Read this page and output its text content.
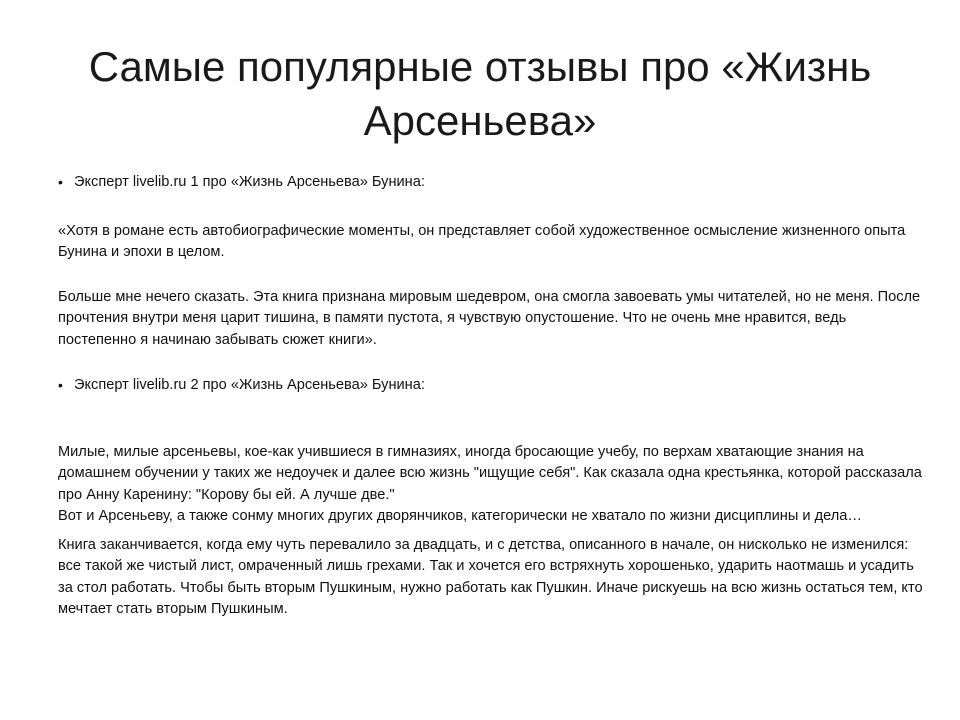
Самые популярные отзывы про «Жизнь
Арсеньева»

• Эксперт livelib.ru 1 про «Жизнь Арсеньева» Бунина:

«Хотя в романе есть автобиографические моменты, он представляет собой художественное осмысление жизненного опыта Бунина и эпохи в целом.

Больше мне нечего сказать. Эта книга признана мировым шедевром, она смогла завоевать умы читателей, но не меня. После прочтения внутри меня царит тишина, в памяти пустота, я чувствую опустошение. Что не очень мне нравится, ведь постепенно я начинаю забывать сюжет книги».

• Эксперт livelib.ru 2 про «Жизнь Арсеньева» Бунина:

Милые, милые арсеньевы, кое-как учившиеся в гимназиях, иногда бросающие учебу, по верхам хватающие знания на домашнем обучении у таких же недоучек и далее всю жизнь "ищущие себя". Как сказала одна крестьянка, которой рассказала про Анну Каренину: "Корову бы ей. А лучше две."
Вот и Арсеньеву, а также сонму многих других дворянчиков, категорически не хватало по жизни дисциплины и дела…

Книга заканчивается, когда ему чуть перевалило за двадцать, и с детства, описанного в начале, он нисколько не изменился: все такой же чистый лист, омраченный лишь грехами. Так и хочется его встряхнуть хорошенько, ударить наотмашь и усадить за стол работать. Чтобы быть вторым Пушкиным, нужно работать как Пушкин. Иначе рискуешь на всю жизнь остаться тем, кто мечтает стать вторым Пушкиным.
